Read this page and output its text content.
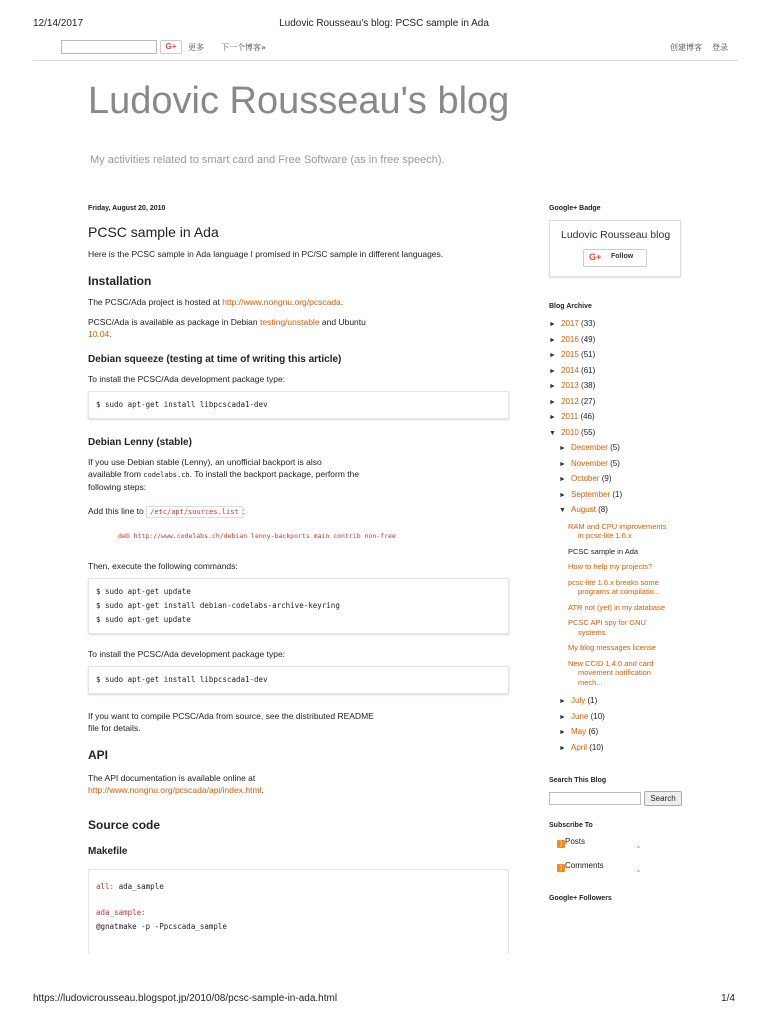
12/14/2017	Ludovic Rousseau's blog: PCSC sample in Ada
https://ludovicrousseau.blogspot.jp/2010/08/pcsc-sample-in-ada.html	1/4
G+	更多 下一个博客»	创建博客 登录
Ludovic Rousseau's blog
My activities related to smart card and Free Software (as in free speech).
Friday, August 20, 2010
PCSC sample in Ada

Here is the PCSC sample in Ada language I promised in PC/SC sample in different languages.

Installation

The PCSC/Ada project is hosted at http://www.nongnu.org/pcscada.

PCSC/Ada is available as package in Debian testing/unstable and Ubuntu
10.04.

Debian squeeze (testing at time of writing this article)

To install the PCSC/Ada development package type:

$ sudo apt-get install libpcscada1-dev
Debian Lenny (stable)

If you use Debian stable (Lenny), an unofficial backport is also
available from codelabs.ch. To install the backport package, perform the
following steps:

Add this line to /etc/apt/sources.list :

deb http://www.codelabs.ch/debian lenny-backports main contrib non-free

Then, execute the following commands:

$ sudo apt-get update
$ sudo apt-get install debian-codelabs-archive-keyring
$ sudo apt-get update

To install the PCSC/Ada development package type:

$ sudo apt-get install libpcscada1-dev

If you want to compile PCSC/Ada from source, see the distributed README
file for details.

API

The API documentation is available online at
http://www.nongnu.org/pcscada/api/index.html.

Source code
Makefile
all: ada_sample
ada_sample:
@gnatmake -p -Ppcscada_sample
Google+ Badge
Ludovic Rousseau blog
G+ Follow
Blog Archive
► 2017 (33)
► 2016 (49)
► 2015 (51)
► 2014 (61)
► 2013 (38)
► 2012 (27)
► 2011 (46)
▼ 2010 (55)
► December (5)
► November (5)
► October (9)
► September (1)
▼ August (8)
RAM and CPU improvements
in pcsc-lite 1.6.x
PCSC sample in Ada
How to help my projects?
pcsc-lite 1.6.x breaks some
programs at compilatio...
ATR not (yet) in my database
PCSC API spy for GNU
systems
My blog messages license
New CCID 1.4.0 and card
movement notification
mech...
► July (1)
► June (10)
► May (6)
► April (10)
Search This Blog
Search
Subscribe To
) Posts	⌄
) Comments	⌄
Google+ Followers
